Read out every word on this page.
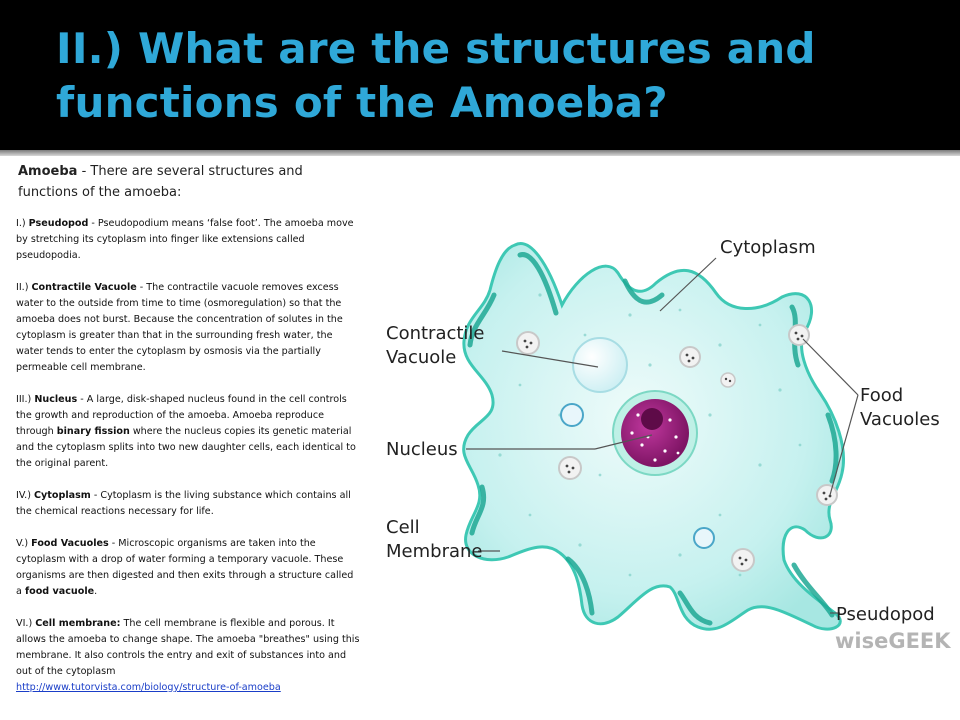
II.) What are the structures and functions of the Amoeba?
Amoeba - There are several structures and functions of the amoeba:

I.) Pseudopod - Pseudopodium means ‘false foot’. The amoeba move by stretching its cytoplasm into finger like extensions called pseudopodia.

II.) Contractile Vacuole - The contractile vacuole removes excess water to the outside from time to time (osmoregulation) so that the amoeba does not burst. Because the concentration of solutes in the cytoplasm is greater than that in the surrounding fresh water, the water tends to enter the cytoplasm by osmosis via the partially permeable cell membrane.

III.) Nucleus - A large, disk-shaped nucleus found in the cell controls the growth and reproduction of the amoeba. Amoeba reproduce through binary fission where the nucleus copies its genetic material and the cytoplasm splits into two new daughter cells, each identical to the original parent.

IV.) Cytoplasm - Cytoplasm is the living substance which contains all the chemical reactions necessary for life.

V.) Food Vacuoles - Microscopic organisms are taken into the cytoplasm with a drop of water forming a temporary vacuole. These organisms are then digested and then exits through a structure called a food vacuole.

VI.) Cell membrane: The cell membrane is flexible and porous. It allows the amoeba to change shape. The amoeba "breathes" using this membrane. It also controls the entry and exit of substances into and out of the cytoplasm
http://www.tutorvista.com/biology/structure-of-amoeba

Cytoplasm
Contractile
Vacuole
Nucleus
Cell
Membrane
Food
Vacuoles
Pseudopod
wiseGEEK
